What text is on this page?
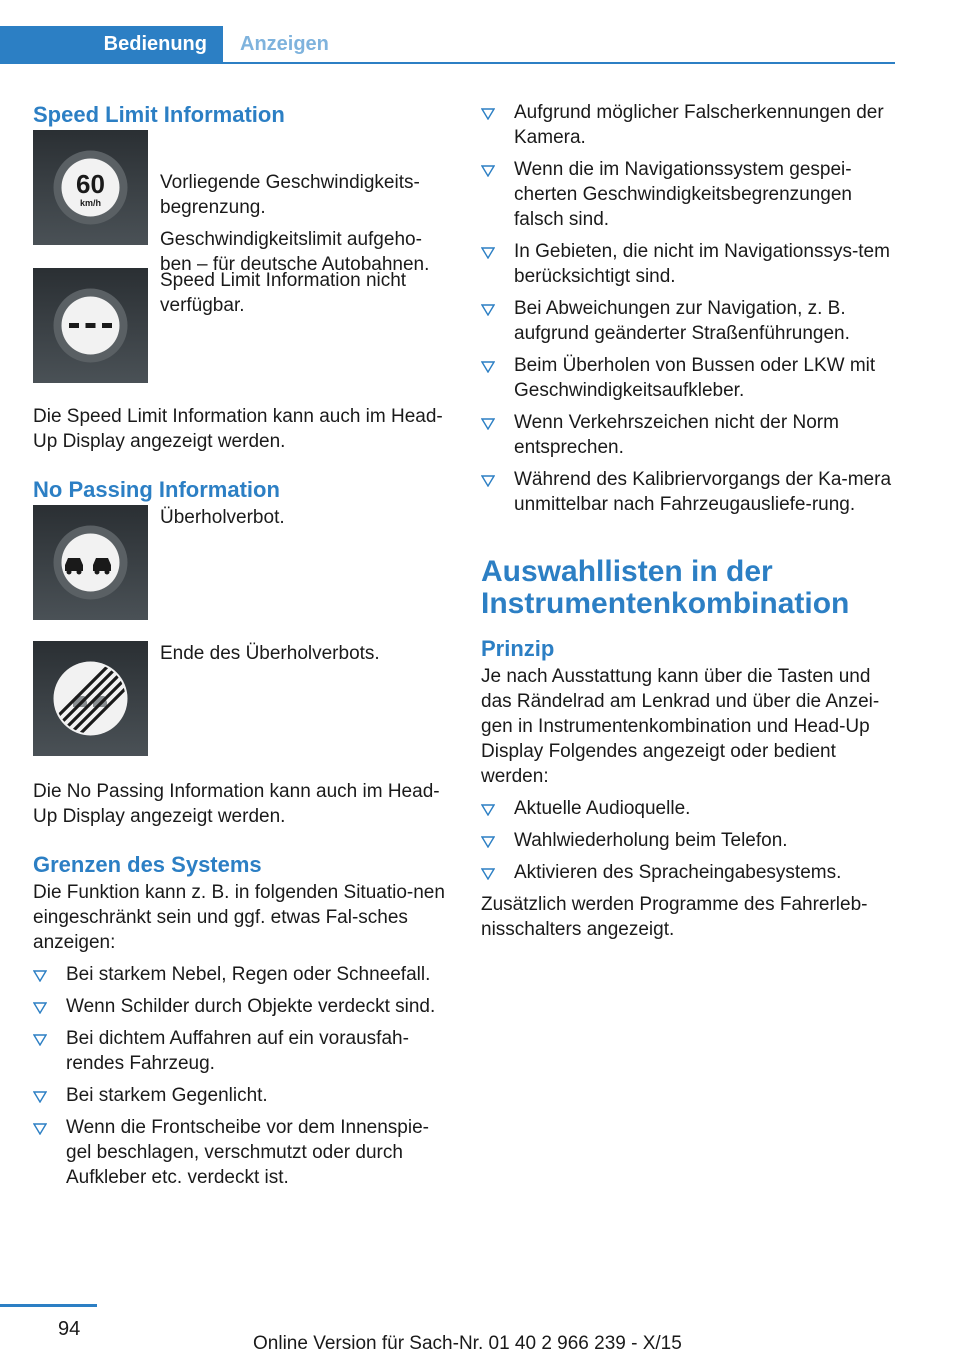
Bedienung	Anzeigen
Speed Limit Information
60
km/h

Vorliegende Geschwindigkeits-begrenzung.

Geschwindigkeitslimit aufgeho-ben – für deutsche Autobahnen.

Speed Limit Information nicht verfügbar.

Die Speed Limit Information kann auch im Head-Up Display angezeigt werden.

No Passing Information

Überholverbot.

Ende des Überholverbots.

Die No Passing Information kann auch im Head-Up Display angezeigt werden.

Grenzen des Systems

Die Funktion kann z. B. in folgenden Situatio-nen eingeschränkt sein und ggf. etwas Fal-sches anzeigen:

Bei starkem Nebel, Regen oder Schneefall.
Wenn Schilder durch Objekte verdeckt sind.
Bei dichtem Auffahren auf ein vorausfah-rendes Fahrzeug.
Bei starkem Gegenlicht.
Wenn die Frontscheibe vor dem Innenspie-gel beschlagen, verschmutzt oder durch Aufkleber etc. verdeckt ist.
Aufgrund möglicher Falscherkennungen der Kamera.
Wenn die im Navigationssystem gespei-cherten Geschwindigkeitsbegrenzungen falsch sind.
In Gebieten, die nicht im Navigationssys-tem berücksichtigt sind.
Bei Abweichungen zur Navigation, z. B. aufgrund geänderter Straßenführungen.
Beim Überholen von Bussen oder LKW mit Geschwindigkeitsaufkleber.
Wenn Verkehrszeichen nicht der Norm entsprechen.
Während des Kalibriervorgangs der Ka-mera unmittelbar nach Fahrzeugausliefe-rung.
Auswahllisten in der Instrumentenkombination
Prinzip

Je nach Ausstattung kann über die Tasten und das Rändelrad am Lenkrad und über die Anzei-gen in Instrumentenkombination und Head-Up Display Folgendes angezeigt oder bedient werden:

Aktuelle Audioquelle.
Wahlwiederholung beim Telefon.
Aktivieren des Spracheingabesystems.

Zusätzlich werden Programme des Fahrerleb-nisschalters angezeigt.

94
Online Version für Sach-Nr. 01 40 2 966 239 - X/15
